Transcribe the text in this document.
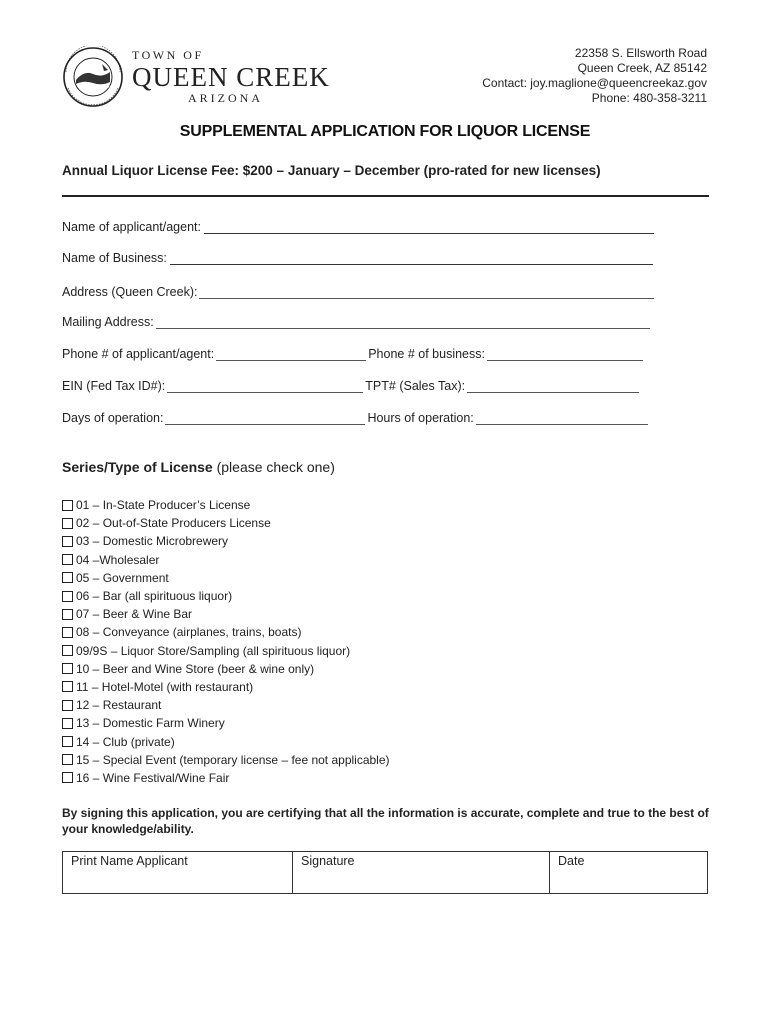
TOWN OF
QUEEN CREEK
ARIZONA
22358 S. Ellsworth Road
Queen Creek, AZ 85142
Contact: joy.maglione@queencreekaz.gov
Phone: 480-358-3211
SUPPLEMENTAL APPLICATION FOR LIQUOR LICENSE
Annual Liquor License Fee: $200 – January – December (pro-rated for new licenses)
Name of applicant/agent:
Name of Business:
Address (Queen Creek):
Mailing Address:
Phone # of applicant/agent:	Phone # of business:
EIN (Fed Tax ID#):	TPT# (Sales Tax):
Days of operation:	Hours of operation:
Series/Type of License (please check one)
01 – In-State Producer’s License
02 – Out-of-State Producers License
03 – Domestic Microbrewery
04 –Wholesaler
05 – Government
06 – Bar (all spirituous liquor)
07 – Beer & Wine Bar
08 – Conveyance (airplanes, trains, boats)
09/9S – Liquor Store/Sampling (all spirituous liquor)
10 – Beer and Wine Store (beer & wine only)
11 – Hotel-Motel (with restaurant)
12 – Restaurant
13 – Domestic Farm Winery
14 – Club (private)
15 – Special Event (temporary license – fee not applicable)
16 – Wine Festival/Wine Fair
By signing this application, you are certifying that all the information is accurate, complete and true to the best of your knowledge/ability.
Print Name Applicant	Signature	Date
